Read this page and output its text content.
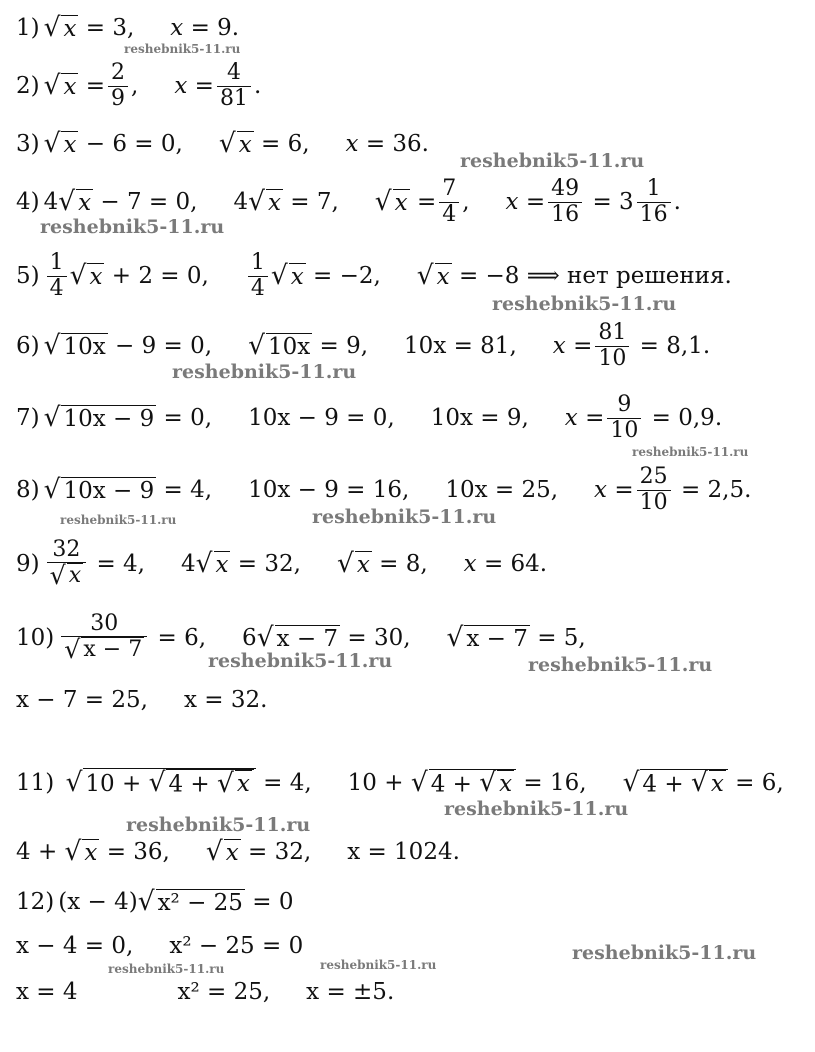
1) √ x
= 3, x
= 9.
2) √ x
= $\frac{2}{9}$ , x
= $\frac{4}{81}$ .
3) √ x
− 6 = 0, √ x
= 6, x
= 36.
4) 4 √ x
− 7 = 0, 4 √ x
= 7, √ x
= $\frac{7}{4}$ , x
= $\frac{49}{16}$
= $3 \frac{1}{16}$ .
$5) \frac{1}{4}$ √ x
+ 2 = 0, $\frac{1}{4}$ √ x
= −2, √ x
= −8 ⟹ нет решения.
6) √ 10x
− 9 = 0, √ 10x
= 9, 10x = 81, x
= $\frac{81}{10}$
= 8,1.
7) √ 10x − 9
= 0, 10x − 9 = 0, 10x = 9, x
= $\frac{9}{10}$
= 0,9.
8) √ 10x − 9
= 4, 10x − 9 = 16, 10x = 25, x
= $\frac{25}{10}$
= 2,5.
$9) \frac{32}{√ x}$
= 4, 4 √ x
= 32, √ x
= 8, x
= 64.
$10) \frac{30}{√ x - 7}$
= 6, 6 √ x − 7
= 30, √ x − 7
= 5,
x − 7 = 25, x = 32.
11)
√ 10 + √ 4 + √ x
= 4, 10 +
√ 4 + √ x
= 16, √ 4 + √ x
= 6,
4 +
√ x
= 36, √ x
= 32, x = 1024.
12) (x − 4) √ x² − 25
= 0
x − 4 = 0, x² − 25 = 0
x = 4	x² = 25, x = ±5.
reshebnik5-11.ru
reshebnik5-11.ru
reshebnik5-11.ru
reshebnik5-11.ru
reshebnik5-11.ru
reshebnik5-11.ru
reshebnik5-11.ru	reshebnik5-11.ru
reshebnik5-11.ru	reshebnik5-11.ru
reshebnik5-11.ru
reshebnik5-11.ru
reshebnik5-11.ru
reshebnik5-11.ru	reshebnik5-11.ru
